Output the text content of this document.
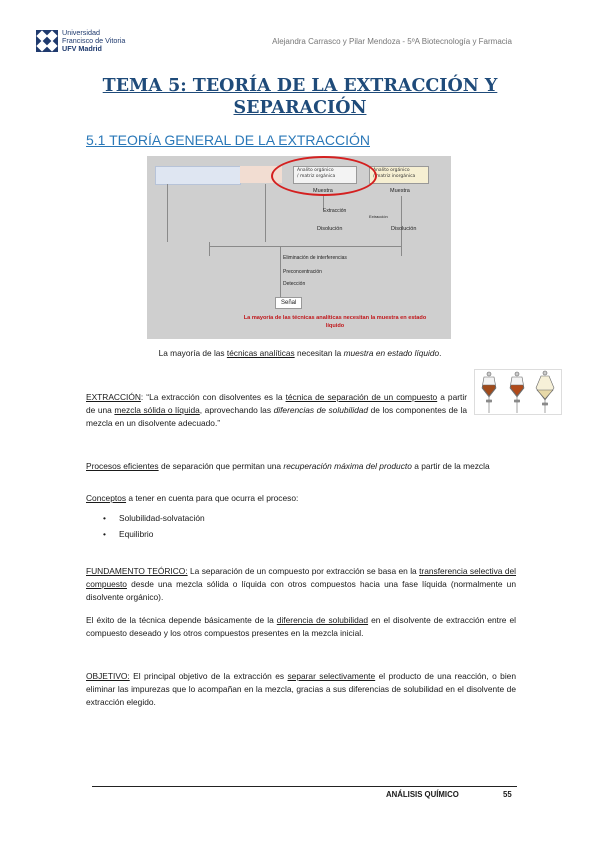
Universidad
Francisco de Vitoria
UFV Madrid
Alejandra Carrasco y Pilar Mendoza - 5ºA Biotecnología y Farmacia
TEMA 5: TEORÍA DE LA EXTRACCIÓN Y
SEPARACIÓN
5.1 TEORÍA GENERAL DE LA EXTRACCIÓN
Analito orgánico
/ matriz orgánica
Analito orgánico
/ matriz inorgánica
Muestra	Muestra
Extracción
Extracción
Disolución	Disolución
Eliminación de interferencias
Preconcentración
Detección
Señal
La mayoría de las técnicas analíticas necesitan la muestra en estado líquido
La mayoría de las técnicas analíticas necesitan la muestra en estado líquido.
EXTRACCIÓN: “La extracción con disolventes es la técnica de separación de un compuesto a partir de una mezcla sólida o líquida, aprovechando las diferencias de solubilidad de los componentes de la mezcla en un disolvente adecuado.”
Procesos eficientes de separación que permitan una recuperación máxima del producto a partir de la mezcla
Conceptos a tener en cuenta para que ocurra el proceso:
• Solubilidad-solvatación
• Equilibrio
FUNDAMENTO TEÓRICO: La separación de un compuesto por extracción se basa en la transferencia selectiva del compuesto desde una mezcla sólida o líquida con otros compuestos hacia una fase líquida (normalmente un disolvente orgánico).
El éxito de la técnica depende básicamente de la diferencia de solubilidad en el disolvente de extracción entre el compuesto deseado y los otros compuestos presentes en la mezcla inicial.
OBJETIVO: El principal objetivo de la extracción es separar selectivamente el producto de una reacción, o bien eliminar las impurezas que lo acompañan en la mezcla, gracias a sus diferencias de solubilidad en el disolvente de extracción elegido.
ANÁLISIS QUÍMICO	55
